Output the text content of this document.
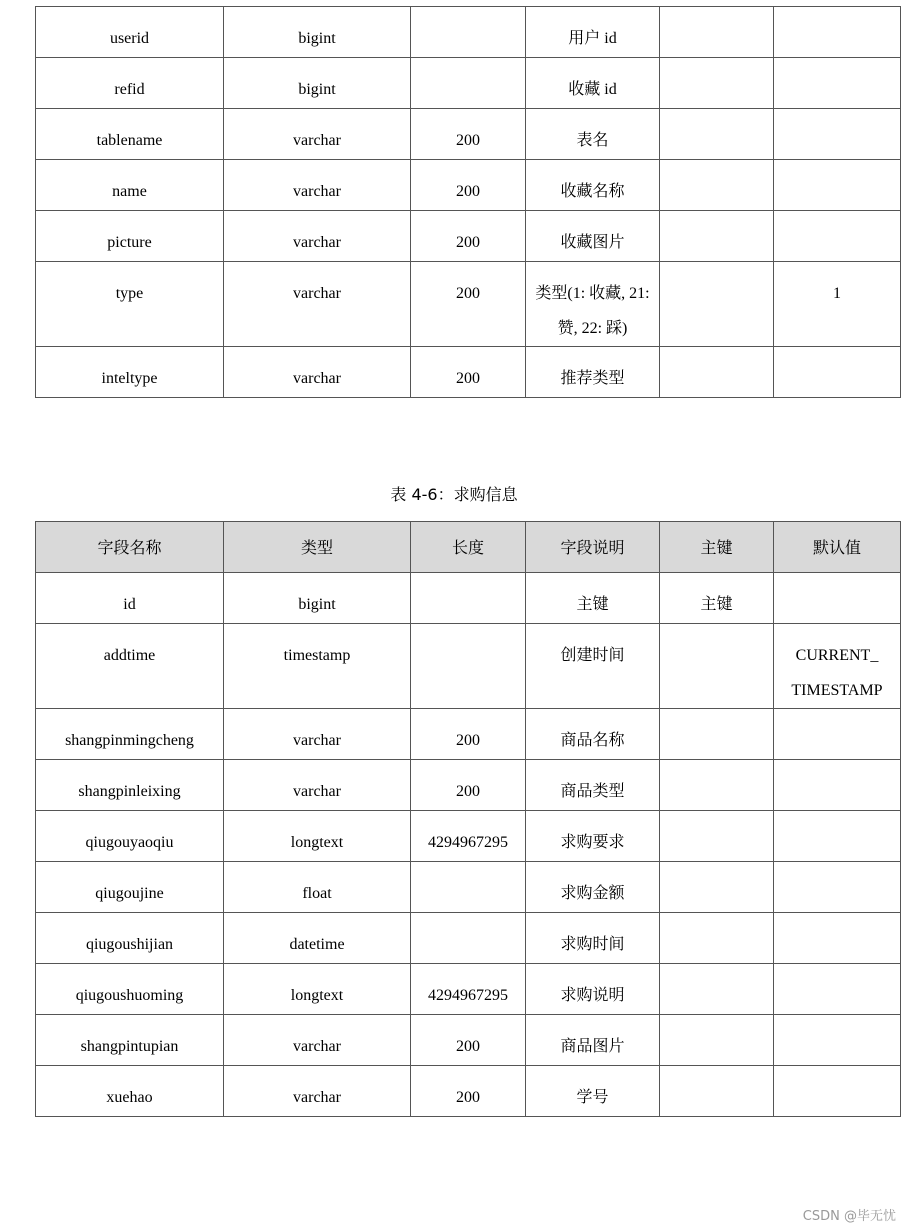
userid	bigint		用户 id		

refid	bigint		收藏 id		

tablename	varchar	200	表名		

name	varchar	200	收藏名称		

picture	varchar	200	收藏图片		

type	varchar	200	类型(1: 收藏, 21: 赞, 22: 踩)		1

inteltype	varchar	200	推荐类型		

表 4-6：求购信息
字段名称	类型	长度	字段说明	主键	默认值

id	bigint		主键	主键	

addtime	timestamp		创建时间		CURRENT_TIMESTAMP

shangpinmingcheng	varchar	200	商品名称		

shangpinleixing	varchar	200	商品类型		

qiugouyaoqiu	longtext	4294967295	求购要求		

qiugoujine	float		求购金额		

qiugoushijian	datetime		求购时间		

qiugoushuoming	longtext	4294967295	求购说明		

shangpintupian	varchar	200	商品图片		

xuehao	varchar	200	学号		

CSDN @毕无忧
